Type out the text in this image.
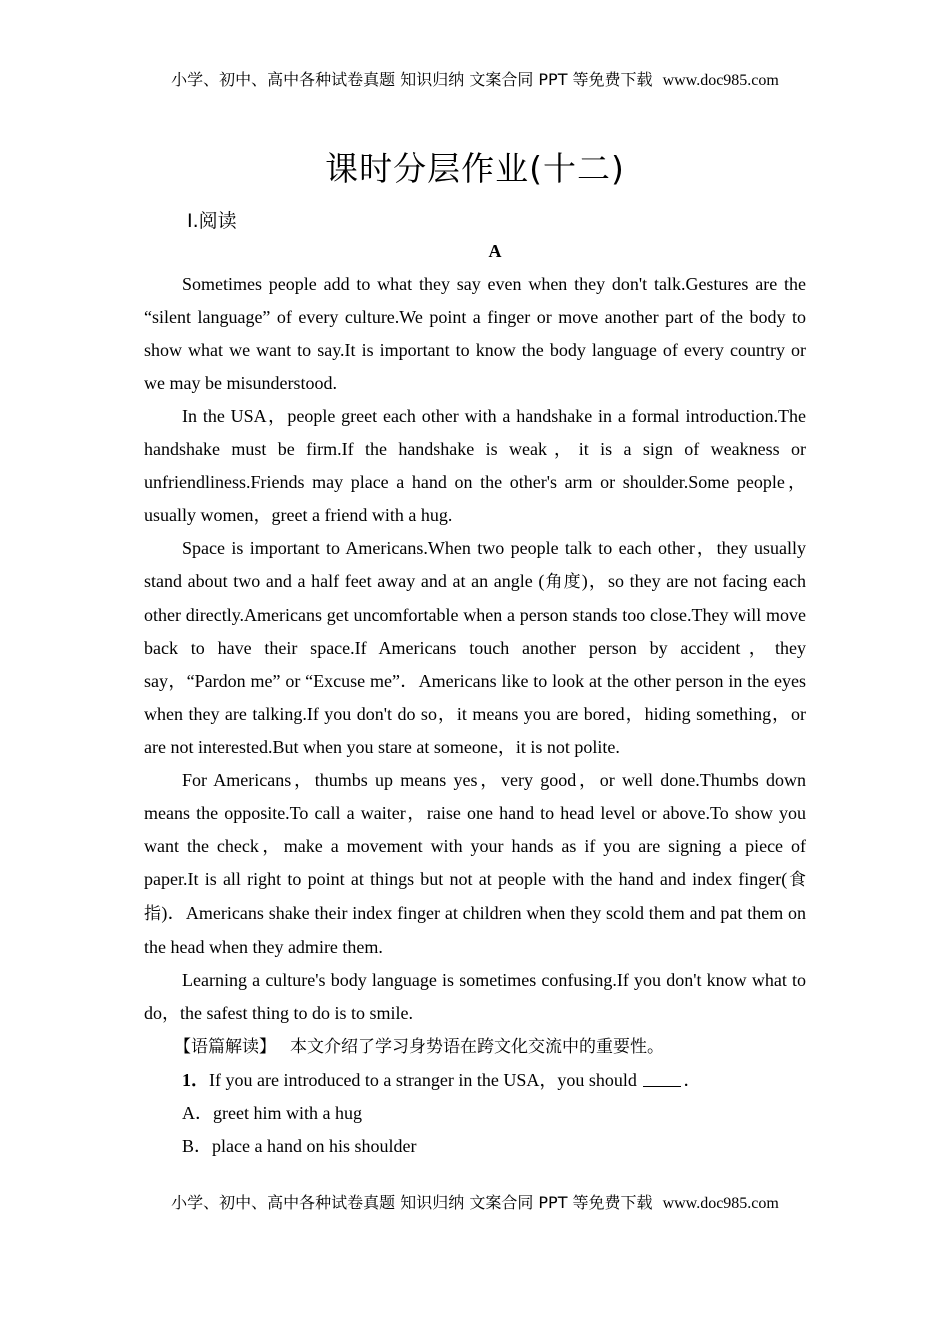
小学、初中、高中各种试卷真题 知识归纳 文案合同 PPT 等免费下载 www.doc985.com
课时分层作业(十二)
Ⅰ.阅读
A

Sometimes people add to what they say even when they don't talk.Gestures are the “silent language” of every culture.We point a finger or move another part of the body to show what we want to say.It is important to know the body language of every country or we may be misunderstood.

In the USA，people greet each other with a handshake in a formal introduction.The handshake must be firm.If the handshake is weak，it is a sign of weakness or unfriendliness.Friends may place a hand on the other's arm or shoulder.Some people，usually women，greet a friend with a hug.

Space is important to Americans.When two people talk to each other，they usually stand about two and a half feet away and at an angle (角度)，so they are not facing each other directly.Americans get uncomfortable when a person stands too close.They will move back to have their space.If Americans touch another person by accident，they say，“Pardon me” or “Excuse me”．Americans like to look at the other person in the eyes when they are talking.If you don't do so，it means you are bored，hiding something，or are not interested.But when you stare at someone，it is not polite.

For Americans，thumbs up means yes，very good，or well done.Thumbs down means the opposite.To call a waiter，raise one hand to head level or above.To show you want the check，make a movement with your hands as if you are signing a piece of paper.It is all right to point at things but not at people with the hand and index finger(食指)．Americans shake their index finger at children when they scold them and pat them on the head when they admire them.

Learning a culture's body language is sometimes confusing.If you don't know what to do，the safest thing to do is to smile.

【语篇解读】 本文介绍了学习身势语在跨文化交流中的重要性。
1．If you are introduced to a stranger in the USA，you should	．
A．greet him with a hug
B．place a hand on his shoulder
小学、初中、高中各种试卷真题 知识归纳 文案合同 PPT 等免费下载 www.doc985.com
